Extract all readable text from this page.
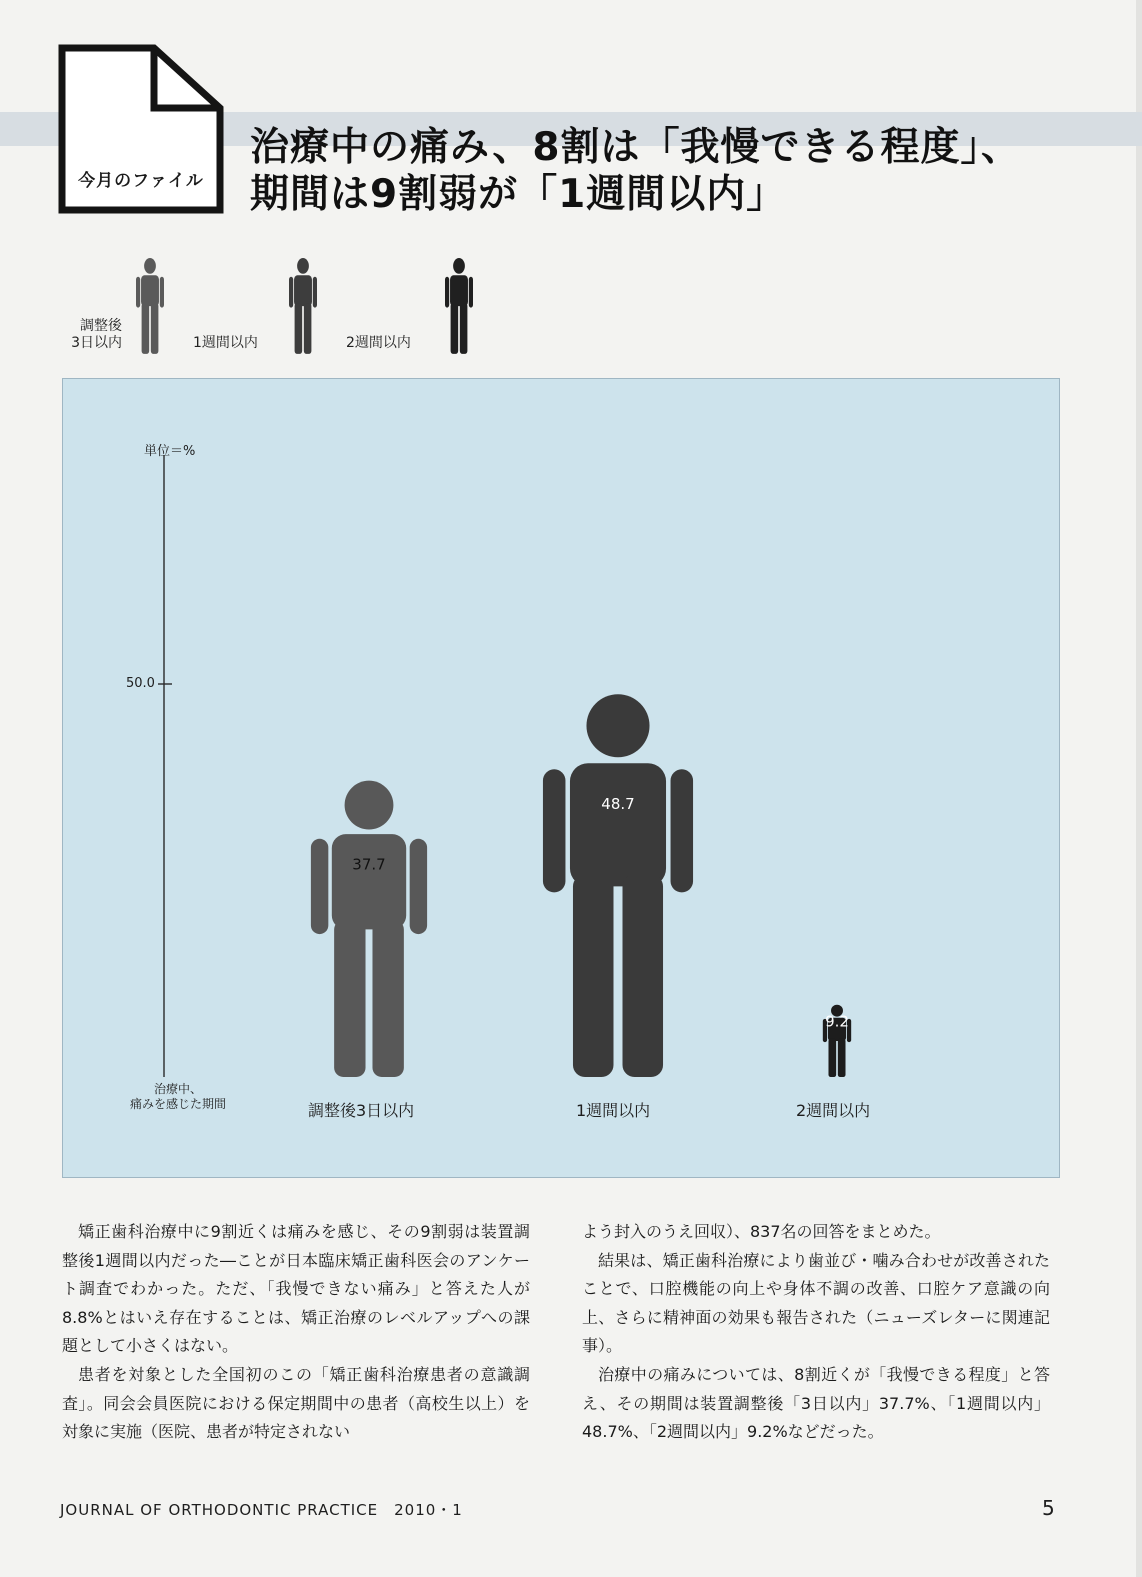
今月のファイル
治療中の痛み、8割は「我慢できる程度」、
期間は9割弱が「1週間以内」
調整後
3日以内	1週間以内	2週間以内
単位＝%
50.0
治療中、
痛みを感じた期間
37.7
48.7
9.2
調整後3日以内	1週間以内	2週間以内

矯正歯科治療中に9割近くは痛みを感じ、その9割弱は装置調整後1週間以内だった―ことが日本臨床矯正歯科医会のアンケート調査でわかった。ただ、「我慢できない痛み」と答えた人が8.8%とはいえ存在することは、矯正治療のレベルアップへの課題として小さくはない。

患者を対象とした全国初のこの「矯正歯科治療患者の意識調査」。同会会員医院における保定期間中の患者（高校生以上）を対象に実施（医院、患者が特定されない

よう封入のうえ回収）、837名の回答をまとめた。

結果は、矯正歯科治療により歯並び・噛み合わせが改善されたことで、口腔機能の向上や身体不調の改善、口腔ケア意識の向上、さらに精神面の効果も報告された（ニューズレターに関連記事）。

治療中の痛みについては、8割近くが「我慢できる程度」と答え、その期間は装置調整後「3日以内」37.7%、「1週間以内」48.7%、「2週間以内」9.2%などだった。

JOURNAL OF ORTHODONTIC PRACTICE　2010・1	5
